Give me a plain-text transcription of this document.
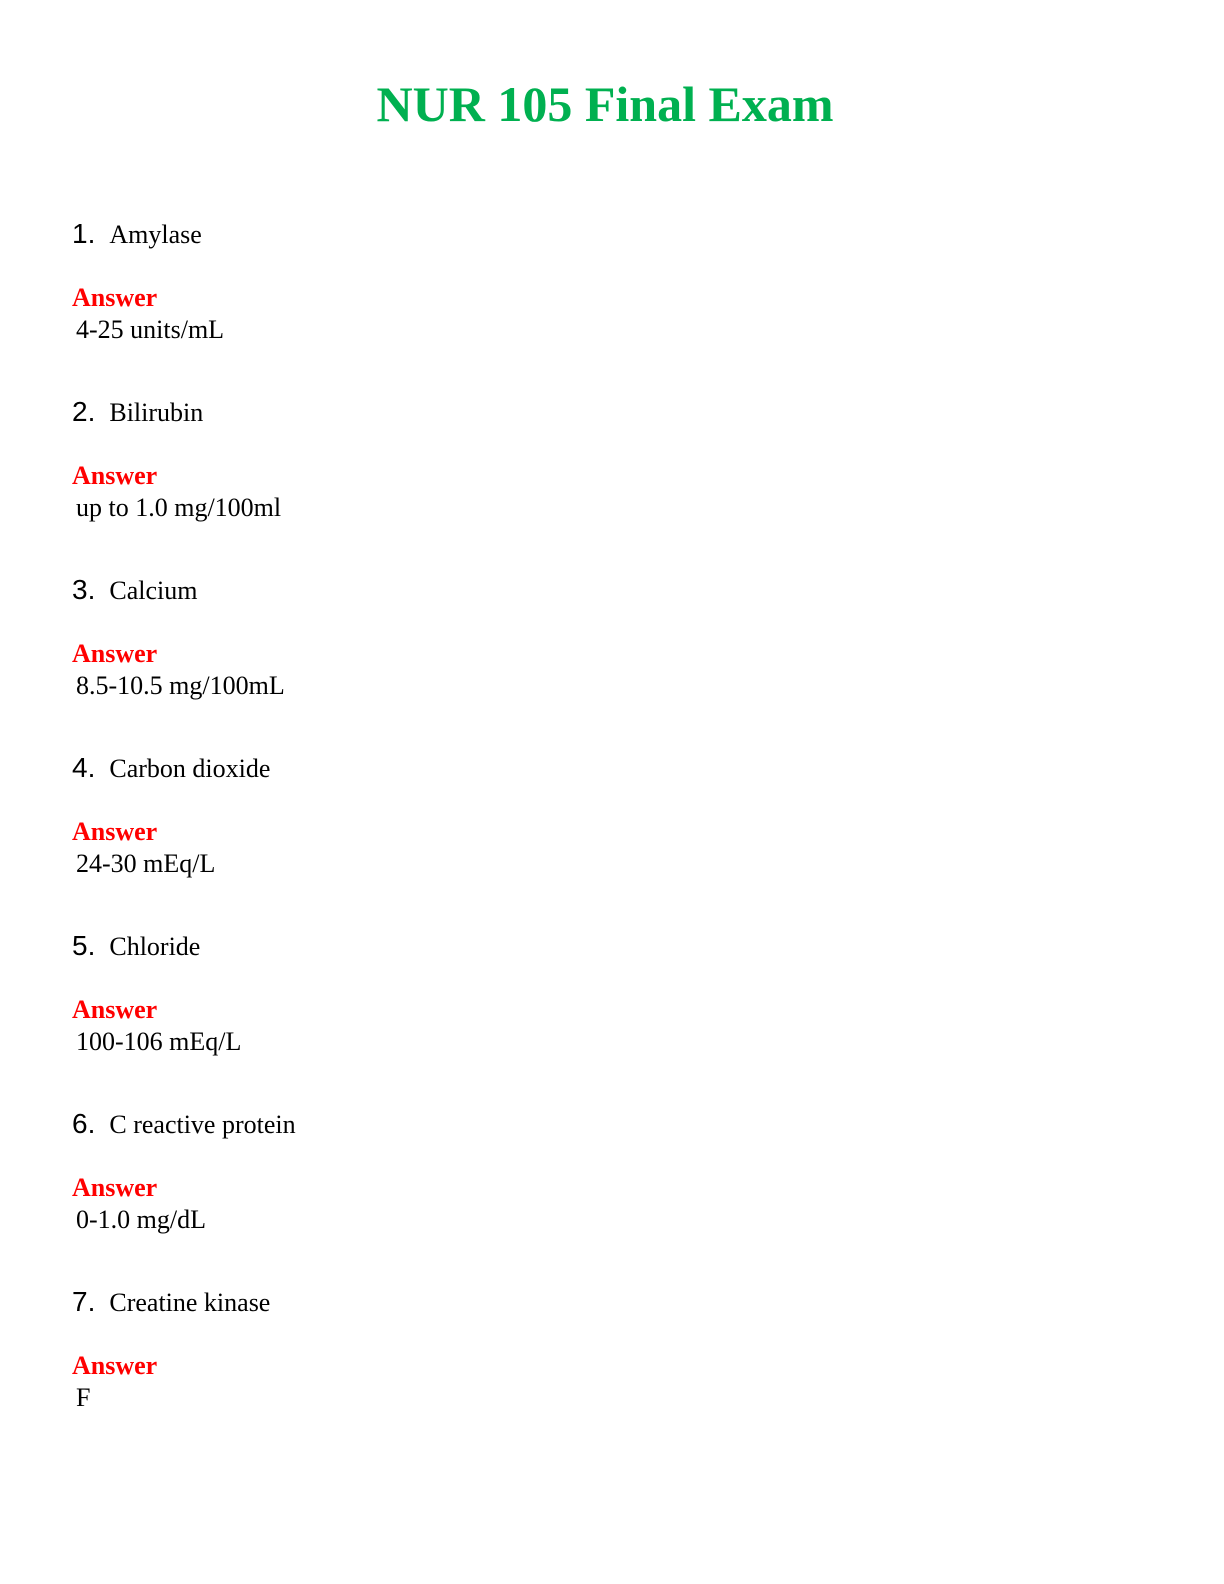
NUR 105 Final Exam
1. Amylase
Answer
4-25 units/mL
2. Bilirubin
Answer
up to 1.0 mg/100ml
3. Calcium
Answer
8.5-10.5 mg/100mL
4. Carbon dioxide
Answer
24-30 mEq/L
5. Chloride
Answer
100-106 mEq/L
6. C reactive protein
Answer
0-1.0 mg/dL
7. Creatine kinase
Answer
F
